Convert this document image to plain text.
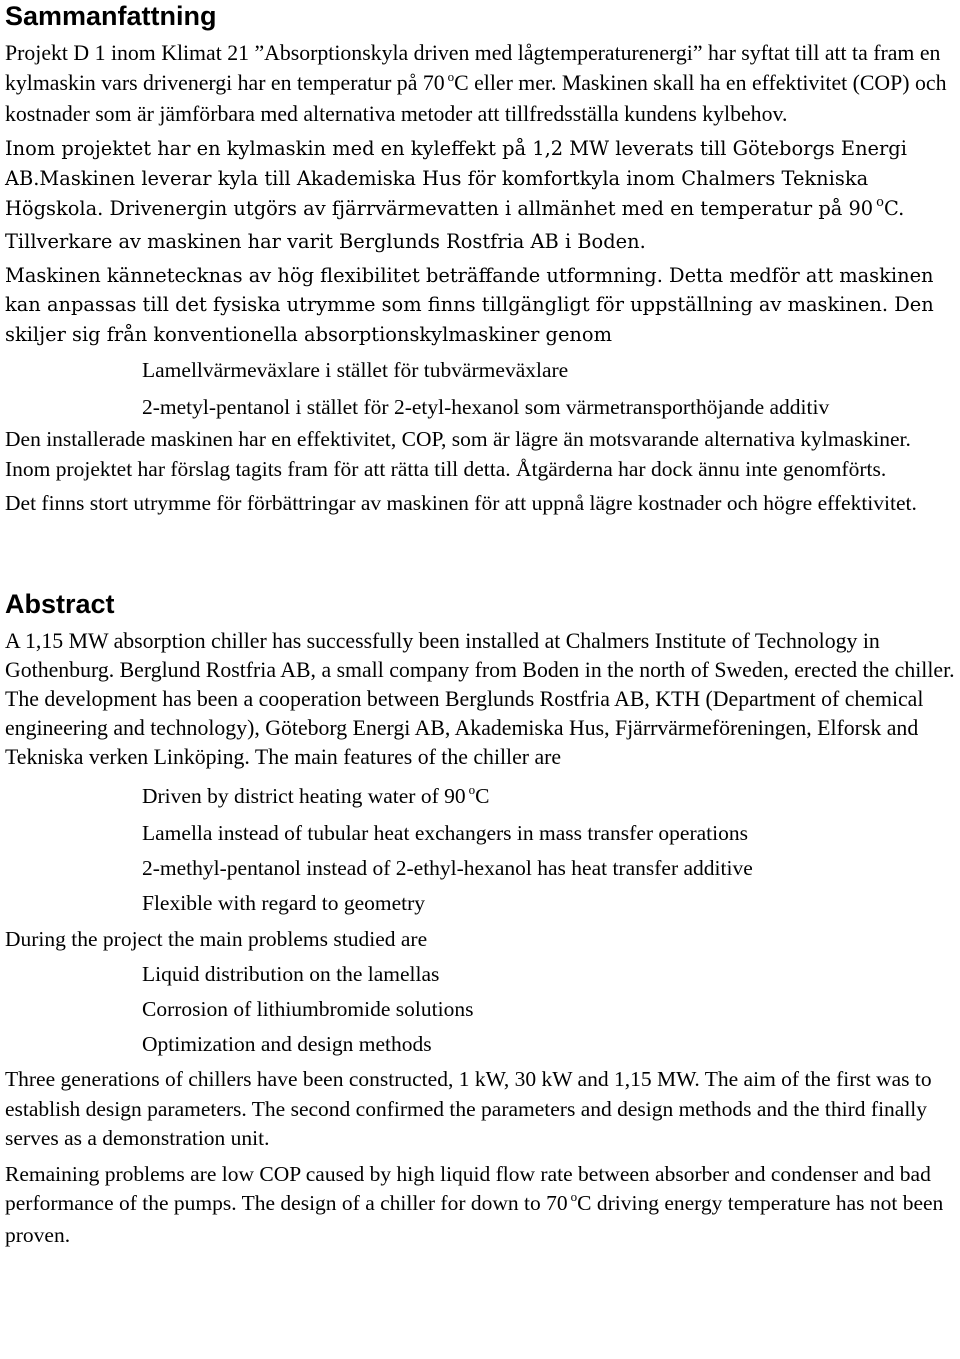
Sammanfattning

Projekt D 1 inom Klimat 21 ”Absorptionskyla driven med lågtemperaturenergi” har syftat till att ta fram en kylmaskin vars drivenergi har en temperatur på 70 $^o$C eller mer. Maskinen skall ha en effektivitet (COP) och kostnader som är jämförbara med alternativa metoder att tillfredsställa kundens kylbehov.

Inom projektet har en kylmaskin med en kyleffekt på 1,2 MW leverats till Göteborgs Energi AB.Maskinen leverar kyla till Akademiska Hus för komfortkyla inom Chalmers Tekniska Högskola. Drivenergin utgörs av fjärrvärmevatten i allmänhet med en temperatur på 90 $^o$C. Tillverkare av maskinen har varit Berglunds Rostfria AB i Boden.

Maskinen kännetecknas av hög flexibilitet beträffande utformning. Detta medför att maskinen kan anpassas till det fysiska utrymme som finns tillgängligt för uppställning av maskinen. Den skiljer sig från konventionella absorptionskylmaskiner genom

Lamellvärmeväxlare i stället för tubvärmeväxlare

2-metyl-pentanol i stället för 2-etyl-hexanol som värmetransporthöjande additiv

Den installerade maskinen har en effektivitet, COP, som är lägre än motsvarande alternativa kylmaskiner. Inom projektet har förslag tagits fram för att rätta till detta. Åtgärderna har dock ännu inte genomförts.

Det finns stort utrymme för förbättringar av maskinen för att uppnå lägre kostnader och högre effektivitet.

Abstract

A 1,15 MW absorption chiller has successfully been installed at Chalmers Institute of Technology in Gothenburg. Berglund Rostfria AB, a small company from Boden in the north of Sweden, erected the chiller. The development has been a cooperation between Berglunds Rostfria AB, KTH (Department of chemical engineering and technology), Göteborg Energi AB, Akademiska Hus, Fjärrvärmeföreningen, Elforsk and Tekniska verken Linköping. The main features of the chiller are

Driven by district heating water of 90 $^o$C

Lamella instead of tubular heat exchangers in mass transfer operations

2-methyl-pentanol instead of 2-ethyl-hexanol has heat transfer additive

Flexible with regard to geometry

During the project the main problems studied are

Liquid distribution on the lamellas

Corrosion of lithiumbromide solutions

Optimization and design methods

Three generations of chillers have been constructed, 1 kW, 30 kW and 1,15 MW. The aim of the first was to establish design parameters. The second confirmed the parameters and design methods and the third finally serves as a demonstration unit.

Remaining problems are low COP caused by high liquid flow rate between absorber and condenser and bad performance of the pumps. The design of a chiller for down to 70 $^o$C driving energy temperature has not been proven.
